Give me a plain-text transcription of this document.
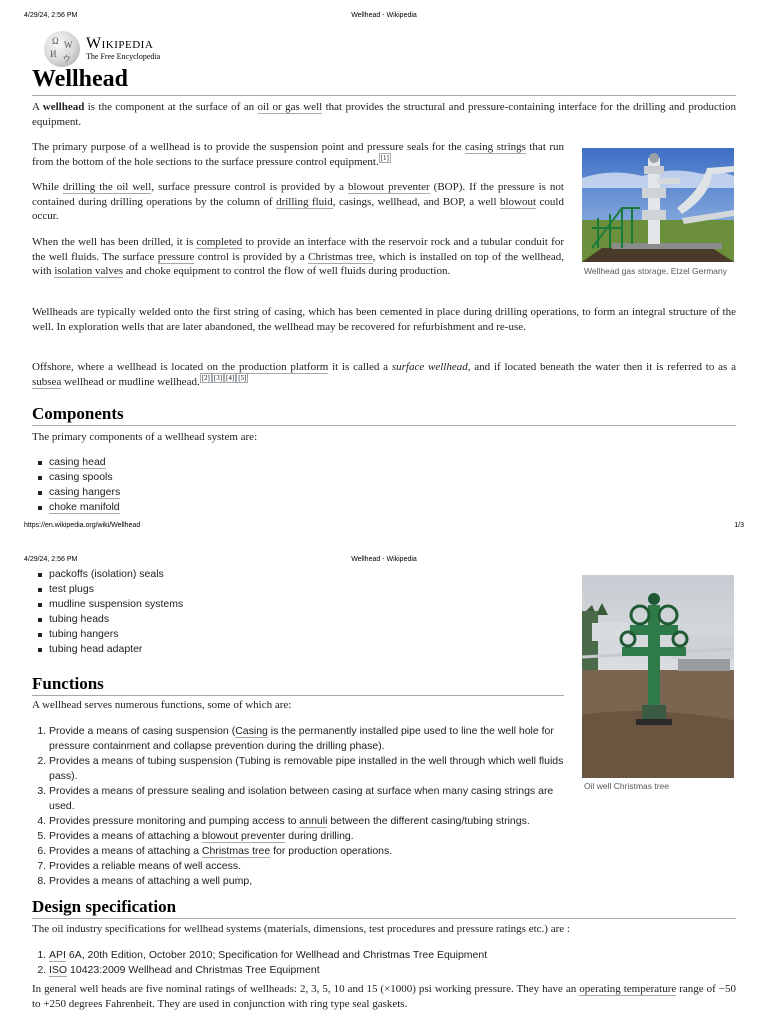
Wellhead - Wikipedia
4/29/24, 2:56 PM
Ω W
И ウ
Wikipedia
The Free Encyclopedia
Wellhead
A wellhead is the component at the surface of an oil or gas well that provides the structural and pressure-containing interface for the drilling and production equipment.
Wellhead gas storage, Etzel Germany
The primary purpose of a wellhead is to provide the suspension point and pressure seals for the casing strings that run from the bottom of the hole sections to the surface pressure control equipment. [1]
While drilling the oil well, surface pressure control is provided by a blowout preventer (BOP). If the pressure is not contained during drilling operations by the column of drilling fluid, casings, wellhead, and BOP, a well blowout could occur.
When the well has been drilled, it is completed to provide an interface with the reservoir rock and a tubular conduit for the well fluids. The surface pressure control is provided by a Christmas tree, which is installed on top of the wellhead, with isolation valves and choke equipment to control the flow of well fluids during production.
Wellheads are typically welded onto the first string of casing, which has been cemented in place during drilling operations, to form an integral structure of the well. In exploration wells that are later abandoned, the wellhead may be recovered for refurbishment and re-use.
Offshore, where a wellhead is located on the production platform it is called a surface wellhead, and if located beneath the water then it is referred to as a subsea wellhead or mudline wellhead. [2] [3] [4] [5]
Components
The primary components of a wellhead system are:
casing head
casing spools
casing hangers
choke manifold
https://en.wikipedia.org/wiki/Wellhead	1/3
Wellhead - Wikipedia
4/29/24, 2:56 PM
packoffs (isolation) seals
test plugs
mudline suspension systems
tubing heads
tubing hangers
tubing head adapter
Oil well Christmas tree
Functions
A wellhead serves numerous functions, some of which are:
1. Provide a means of casing suspension (Casing is the permanently installed pipe used to line the well hole for pressure containment and collapse prevention during the drilling phase).
2. Provides a means of tubing suspension (Tubing is removable pipe installed in the well through which well fluids pass).
3. Provides a means of pressure sealing and isolation between casing at surface when many casing strings are used.
4. Provides pressure monitoring and pumping access to annuli between the different casing/tubing strings.
5. Provides a means of attaching a blowout preventer during drilling.
6. Provides a means of attaching a Christmas tree for production operations.
7. Provides a reliable means of well access.
8. Provides a means of attaching a well pump,
Design specification
The oil industry specifications for wellhead systems (materials, dimensions, test procedures and pressure ratings etc.) are :
1. API 6A, 20th Edition, October 2010; Specification for Wellhead and Christmas Tree Equipment
2. ISO 10423:2009 Wellhead and Christmas Tree Equipment
In general well heads are five nominal ratings of wellheads: 2, 3, 5, 10 and 15 (×1000) psi working pressure. They have an operating temperature range of −50 to +250 degrees Fahrenheit. They are used in conjunction with ring type seal gaskets.
